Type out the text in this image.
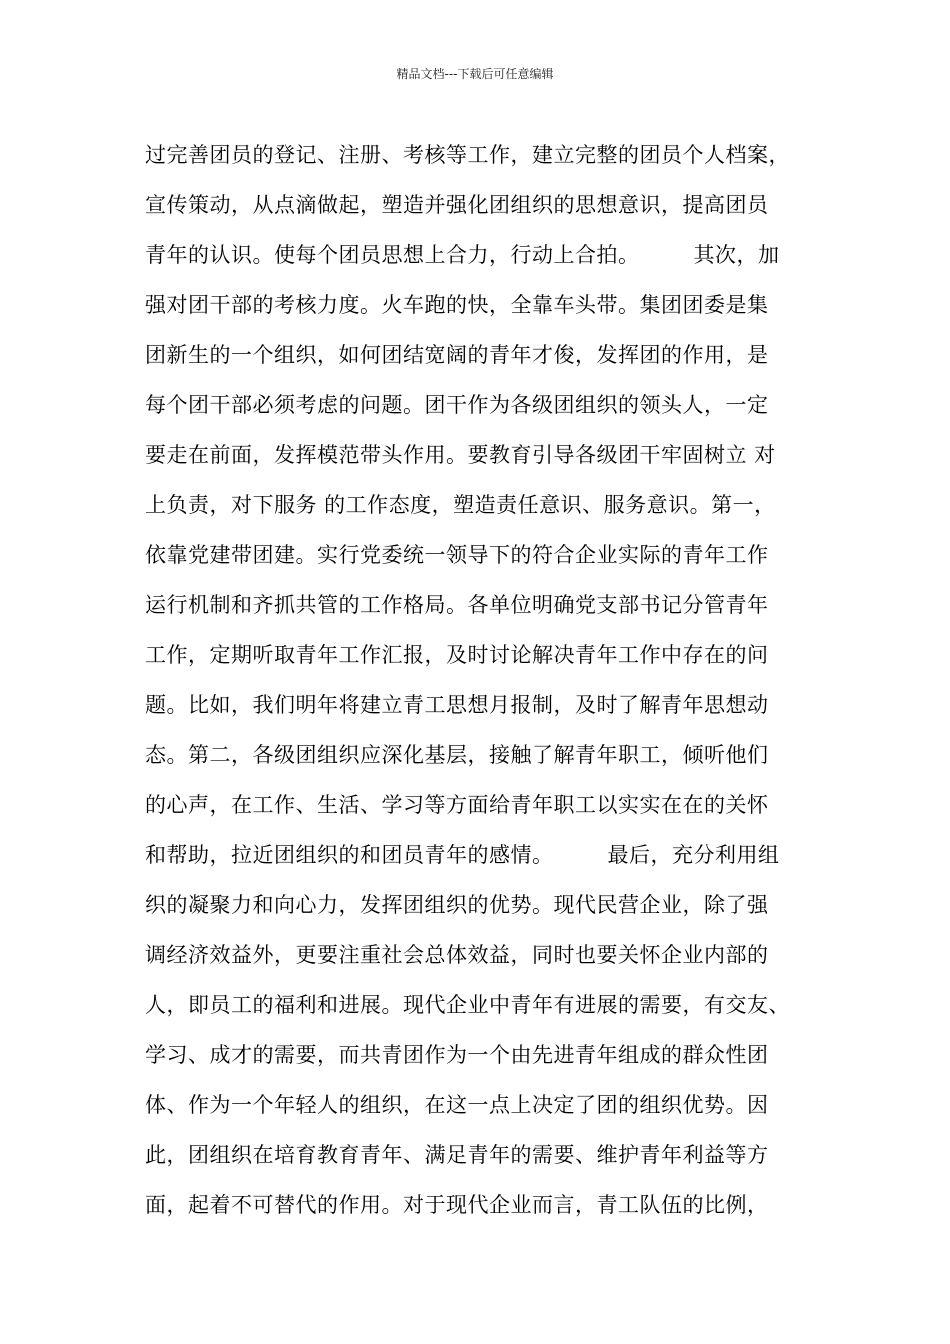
精品文档---下载后可任意编辑
过完善团员的登记、注册、考核等工作，建立完整的团员个人档案，
宣传策动，从点滴做起，塑造并强化团组织的思想意识，提高团员
青年的认识。使每个团员思想上合力，行动上合拍。　　　其次，加
强对团干部的考核力度。火车跑的快，全靠车头带。集团团委是集
团新生的一个组织，如何团结宽阔的青年才俊，发挥团的作用，是
每个团干部必须考虑的问题。团干作为各级团组织的领头人，一定
要走在前面，发挥模范带头作用。要教育引导各级团干牢固树立 对
上负责，对下服务 的工作态度，塑造责任意识、服务意识。第一，
依靠党建带团建。实行党委统一领导下的符合企业实际的青年工作
运行机制和齐抓共管的工作格局。各单位明确党支部书记分管青年
工作，定期听取青年工作汇报，及时讨论解决青年工作中存在的问
题。比如，我们明年将建立青工思想月报制，及时了解青年思想动
态。第二，各级团组织应深化基层，接触了解青年职工，倾听他们
的心声，在工作、生活、学习等方面给青年职工以实实在在的关怀
和帮助，拉近团组织的和团员青年的感情。　　　最后，充分利用组
织的凝聚力和向心力，发挥团组织的优势。现代民营企业，除了强
调经济效益外，更要注重社会总体效益，同时也要关怀企业内部的
人，即员工的福利和进展。现代企业中青年有进展的需要，有交友、
学习、成才的需要，而共青团作为一个由先进青年组成的群众性团
体、作为一个年轻人的组织，在这一点上决定了团的组织优势。因
此，团组织在培育教育青年、满足青年的需要、维护青年利益等方
面，起着不可替代的作用。对于现代企业而言，青工队伍的比例，
